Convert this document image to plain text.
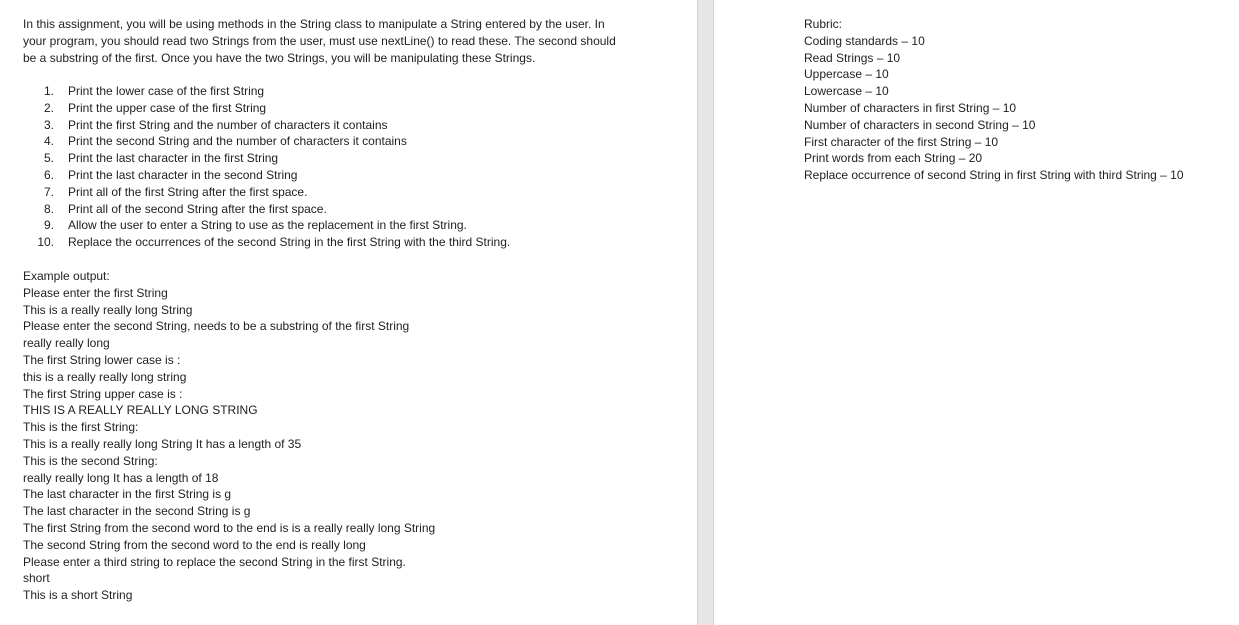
In this assignment, you will be using methods in the String class to manipulate a String entered by the user. In your program, you should read two Strings from the user, must use nextLine() to read these. The second should be a substring of the first. Once you have the two Strings, you will be manipulating these Strings.

1. Print the lower case of the first String
2. Print the upper case of the first String
3. Print the first String and the number of characters it contains
4. Print the second String and the number of characters it contains
5. Print the last character in the first String
6. Print the last character in the second String
7. Print all of the first String after the first space.
8. Print all of the second String after the first space.
9. Allow the user to enter a String to use as the replacement in the first String.
10. Replace the occurrences of the second String in the first String with the third String.
Example output:
Please enter the first String
This is a really really long String
Please enter the second String, needs to be a substring of the first String
really really long
The first String lower case is :
this is a really really long string
The first String upper case is :
THIS IS A REALLY REALLY LONG STRING
This is the first String:
This is a really really long String It has a length of 35
This is the second String:
really really long It has a length of 18
The last character in the first String is g
The last character in the second String is g
The first String from the second word to the end is is a really really long String
The second String from the second word to the end is really long
Please enter a third string to replace the second String in the first String.
short
This is a short String
Rubric:
Coding standards – 10
Read Strings – 10
Uppercase – 10
Lowercase – 10
Number of characters in first String – 10
Number of characters in second String – 10
First character of the first String – 10
Print words from each String – 20
Replace occurrence of second String in first String with third String – 10
